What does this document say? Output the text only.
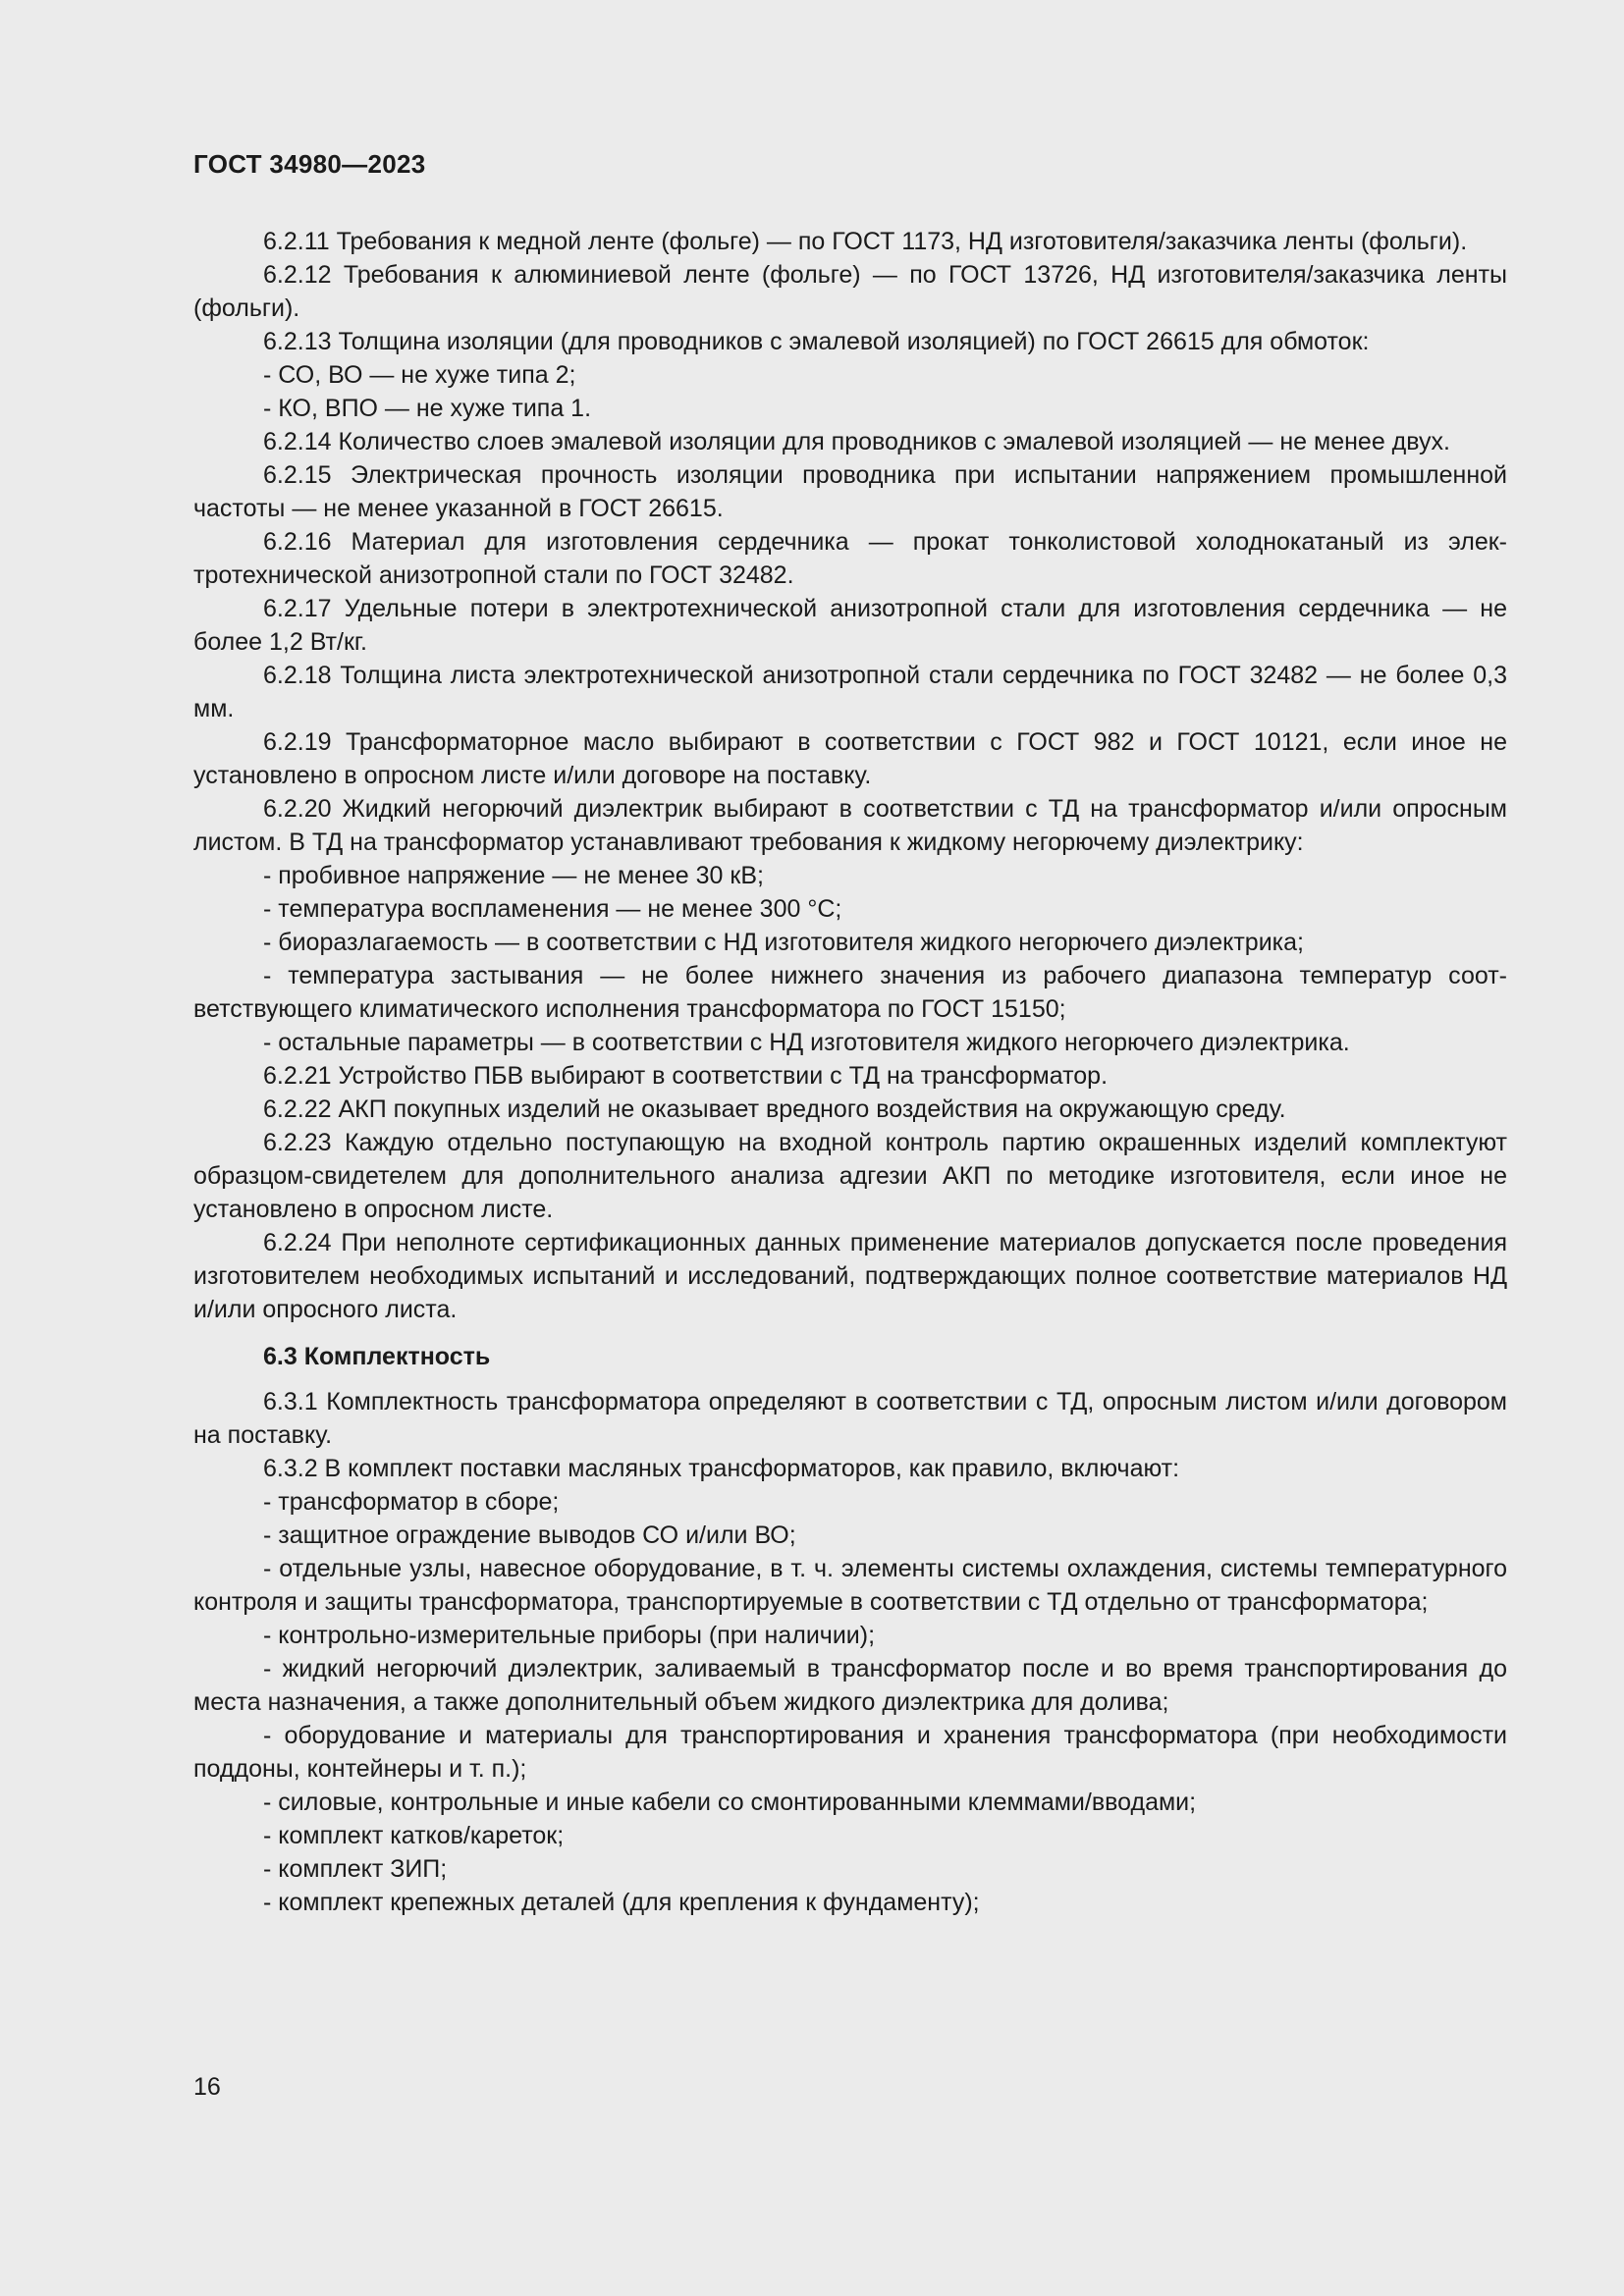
ГОСТ 34980—2023

6.2.11 Требования к медной ленте (фольге) — по ГОСТ 1173, НД изготовителя/заказчика ленты (фольги).

6.2.12 Требования к алюминиевой ленте (фольге) — по ГОСТ 13726, НД изготовителя/заказчика ленты (фольги).

6.2.13 Толщина изоляции (для проводников с эмалевой изоляцией) по ГОСТ 26615 для обмоток:

- СО, ВО — не хуже типа 2;

- КО, ВПО — не хуже типа 1.

6.2.14 Количество слоев эмалевой изоляции для проводников с эмалевой изоляцией — не менее двух.

6.2.15 Электрическая прочность изоляции проводника при испытании напряжением промышленной частоты — не менее указанной в ГОСТ 26615.

6.2.16 Материал для изготовления сердечника — прокат тонколистовой холоднокатаный из электротехнической анизотропной стали по ГОСТ 32482.

6.2.17 Удельные потери в электротехнической анизотропной стали для изготовления сердечника — не более 1,2 Вт/кг.

6.2.18 Толщина листа электротехнической анизотропной стали сердечника по ГОСТ 32482 — не более 0,3 мм.

6.2.19 Трансформаторное масло выбирают в соответствии с ГОСТ 982 и ГОСТ 10121, если иное не установлено в опросном листе и/или договоре на поставку.

6.2.20 Жидкий негорючий диэлектрик выбирают в соответствии с ТД на трансформатор и/или опросным листом. В ТД на трансформатор устанавливают требования к жидкому негорючему диэлектрику:

- пробивное напряжение — не менее 30 кВ;

- температура воспламенения — не менее 300 °С;

- биоразлагаемость — в соответствии с НД изготовителя жидкого негорючего диэлектрика;

- температура застывания — не более нижнего значения из рабочего диапазона температур соответствующего климатического исполнения трансформатора по ГОСТ 15150;

- остальные параметры — в соответствии с НД изготовителя жидкого негорючего диэлектрика.

6.2.21 Устройство ПБВ выбирают в соответствии с ТД на трансформатор.

6.2.22 АКП покупных изделий не оказывает вредного воздействия на окружающую среду.

6.2.23 Каждую отдельно поступающую на входной контроль партию окрашенных изделий комплектуют образцом-свидетелем для дополнительного анализа адгезии АКП по методике изготовителя, если иное не установлено в опросном листе.

6.2.24 При неполноте сертификационных данных применение материалов допускается после проведения изготовителем необходимых испытаний и исследований, подтверждающих полное соответствие материалов НД и/или опросного листа.

6.3 Комплектность

6.3.1 Комплектность трансформатора определяют в соответствии с ТД, опросным листом и/или договором на поставку.

6.3.2 В комплект поставки масляных трансформаторов, как правило, включают:

- трансформатор в сборе;

- защитное ограждение выводов СО и/или ВО;

- отдельные узлы, навесное оборудование, в т. ч. элементы системы охлаждения, системы температурного контроля и защиты трансформатора, транспортируемые в соответствии с ТД отдельно от трансформатора;

- контрольно-измерительные приборы (при наличии);

- жидкий негорючий диэлектрик, заливаемый в трансформатор после и во время транспортирования до места назначения, а также дополнительный объем жидкого диэлектрика для долива;

- оборудование и материалы для транспортирования и хранения трансформатора (при необходимости поддоны, контейнеры и т. п.);

- силовые, контрольные и иные кабели со смонтированными клеммами/вводами;

- комплект катков/кареток;

- комплект ЗИП;

- комплект крепежных деталей (для крепления к фундаменту);

16
